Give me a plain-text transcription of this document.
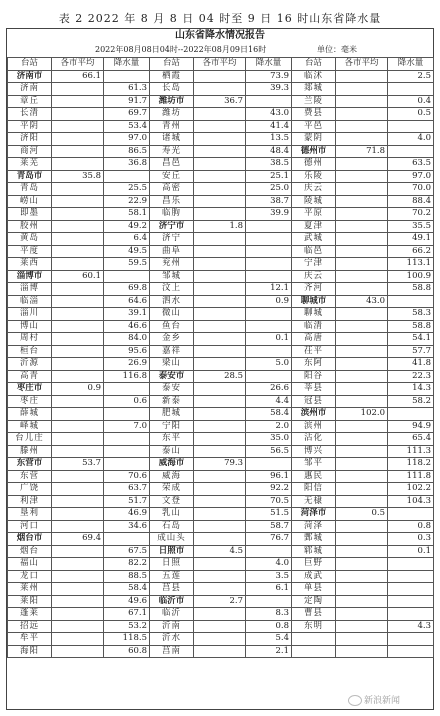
表 2 2022 年 8 月 8 日 04 时至 9 日 16 时山东省降水量
山东省降水情况报告
2022年08月08日04时--2022年08月09日16时	单位：毫米
台站	各市平均	降水量	台站	各市平均	降水量	台站	各市平均	降水量
济南市	66.1		栖霞		73.9	临沭		2.5
济南		61.3	长岛		39.3	郯城		
章丘		91.7	潍坊市	36.7		兰陵		0.4
长清		69.7	潍坊		43.0	费县		0.5
平阴		53.4	青州		41.4	平邑		
济阳		97.0	诸城		13.5	蒙阴		4.0
商河		86.5	寿光		48.4	德州市	71.8	
莱芜		36.8	昌邑		38.5	德州		63.5
青岛市	35.8		安丘		25.1	乐陵		97.0
青岛		25.5	高密		25.0	庆云		70.0
崂山		22.9	昌乐		38.7	陵城		88.4
即墨		58.1	临朐		39.9	平原		70.2
胶州		49.2	济宁市	1.8		夏津		35.5
黄岛		6.4	济宁			武城		49.1
平度		49.5	曲阜			临邑		66.2
莱西		59.5	兖州			宁津		113.1
淄博市	60.1		邹城			庆云		100.9
淄博		69.8	汶上		12.1	齐河		58.8
临淄		64.6	泗水		0.9	聊城市	43.0	
淄川		39.1	微山			聊城		58.3
博山		46.6	鱼台			临清		58.8
周村		84.0	金乡		0.1	高唐		54.1
桓台		95.6	嘉祥			茌平		57.7
沂源		26.9	梁山		5.0	东阿		41.8
高青		116.8	泰安市	28.5		阳谷		22.3
枣庄市	0.9		泰安		26.6	莘县		14.3
枣庄		0.6	新泰		4.4	冠县		58.2
薛城			肥城		58.4	滨州市	102.0	
峄城		7.0	宁阳		2.0	滨州		94.9
台儿庄			东平		35.0	沾化		65.4
滕州			泰山		56.5	博兴		111.3
东营市	53.7		威海市	79.3		邹平		118.2
东营		70.6	威海		96.1	惠民		111.8
广饶		63.7	荣成		92.2	阳信		102.2
利津		51.7	文登		70.5	无棣		104.3
垦利		46.9	乳山		51.5	菏泽市	0.5	
河口		34.6	石岛		58.7	菏泽		0.8
烟台市	69.4		成山头		76.7	鄄城		0.3
烟台		67.5	日照市	4.5		郓城		0.1
福山		82.2	日照		4.0	巨野		
龙口		88.5	五莲		3.5	成武		
莱州		58.4	莒县		6.1	单县		
莱阳		49.6	临沂市	2.7		定陶		
蓬莱		67.1	临沂		8.3	曹县		
招远		53.2	沂南		0.8	东明		4.3
牟平		118.5	沂水		5.4			
海阳		60.8	莒南		2.1			
新浪新闻
